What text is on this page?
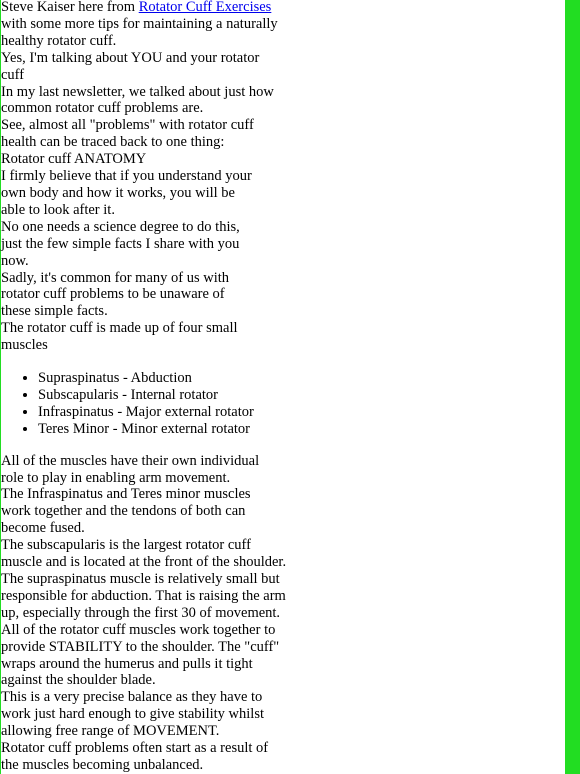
Steve Kaiser here from Rotator Cuff Exercises
with some more tips for maintaining a naturally
healthy rotator cuff.
Yes, I'm talking about YOU and your rotator
cuff
In my last newsletter, we talked about just how
common rotator cuff problems are.
See, almost all "problems" with rotator cuff
health can be traced back to one thing:
Rotator cuff ANATOMY
I firmly believe that if you understand your
own body and how it works, you will be
able to look after it.
No one needs a science degree to do this,
just the few simple facts I share with you
now.
Sadly, it's common for many of us with
rotator cuff problems to be unaware of
these simple facts.
The rotator cuff is made up of four small
muscles
• Supraspinatus - Abduction
• Subscapularis - Internal rotator
• Infraspinatus - Major external rotator
• Teres Minor - Minor external rotator
All of the muscles have their own individual
role to play in enabling arm movement.
The Infraspinatus and Teres minor muscles
work together and the tendons of both can
become fused.
The subscapularis is the largest rotator cuff
muscle and is located at the front of the shoulder.
The supraspinatus muscle is relatively small but
responsible for abduction. That is raising the arm
up, especially through the first 30 of movement.
All of the rotator cuff muscles work together to
provide STABILITY to the shoulder. The "cuff"
wraps around the humerus and pulls it tight
against the shoulder blade.
This is a very precise balance as they have to
work just hard enough to give stability whilst
allowing free range of MOVEMENT.
Rotator cuff problems often start as a result of
the muscles becoming unbalanced.
